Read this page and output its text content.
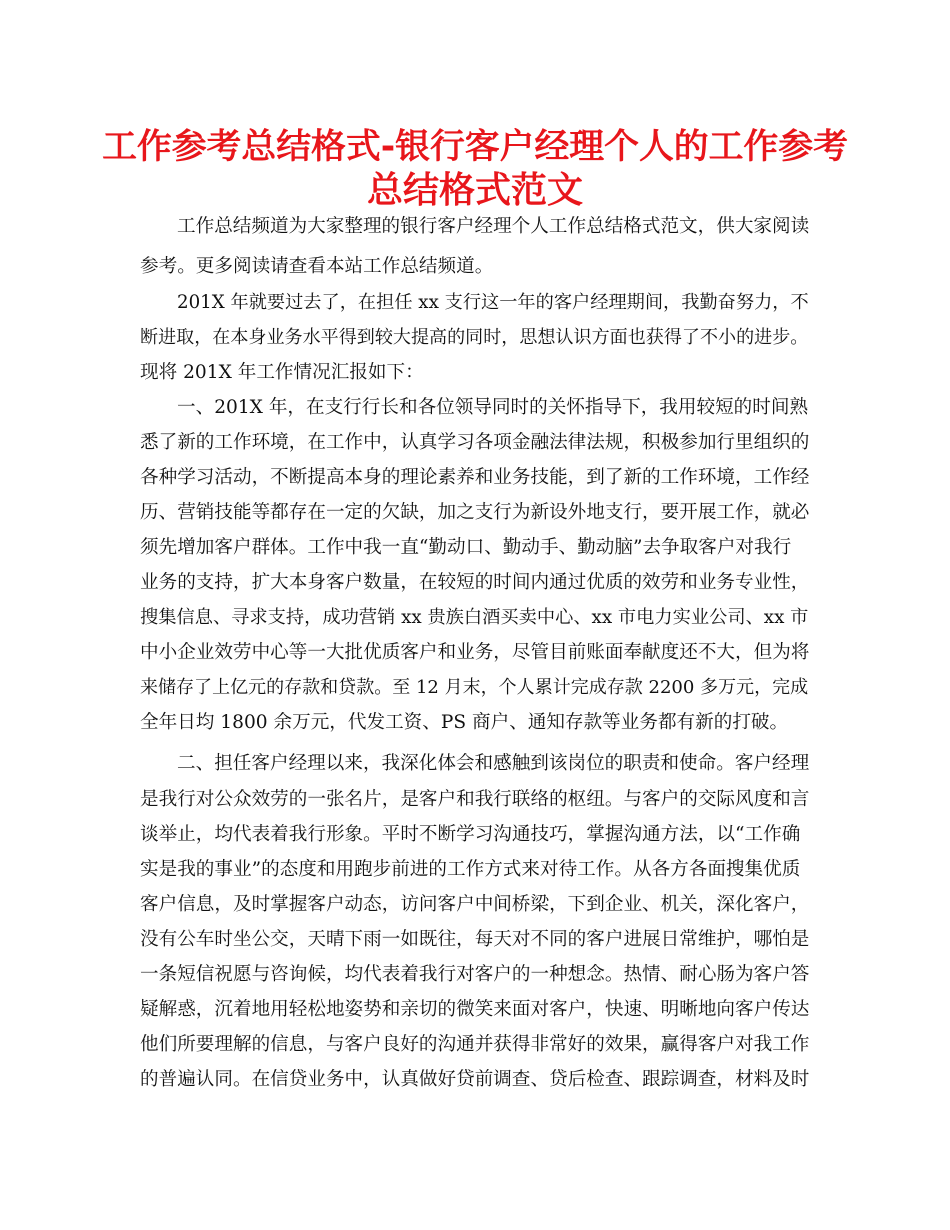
工作参考总结格式-银行客户经理个人的工作参考
总结格式范文
工作总结频道为大家整理的银行客户经理个人工作总结格式范文，供大家阅读
参考。更多阅读请查看本站工作总结频道。
201X 年就要过去了，在担任 xx 支行这一年的客户经理期间，我勤奋努力，不
断进取，在本身业务水平得到较大提高的同时，思想认识方面也获得了不小的进步。
现将 201X 年工作情况汇报如下：
一、201X 年，在支行行长和各位领导同时的关怀指导下，我用较短的时间熟
悉了新的工作环境，在工作中，认真学习各项金融法律法规，积极参加行里组织的
各种学习活动，不断提高本身的理论素养和业务技能，到了新的工作环境，工作经
历、营销技能等都存在一定的欠缺，加之支行为新设外地支行，要开展工作，就必
须先增加客户群体。工作中我一直“勤动口、勤动手、勤动脑”去争取客户对我行
业务的支持，扩大本身客户数量，在较短的时间内通过优质的效劳和业务专业性，
搜集信息、寻求支持，成功营销 xx 贵族白酒买卖中心、xx 市电力实业公司、xx 市
中小企业效劳中心等一大批优质客户和业务，尽管目前账面奉献度还不大，但为将
来储存了上亿元的存款和贷款。至 12 月末，个人累计完成存款 2200 多万元，完成
全年日均 1800 余万元，代发工资、PS 商户、通知存款等业务都有新的打破。
二、担任客户经理以来，我深化体会和感触到该岗位的职责和使命。客户经理
是我行对公众效劳的一张名片，是客户和我行联络的枢纽。与客户的交际风度和言
谈举止，均代表着我行形象。平时不断学习沟通技巧，掌握沟通方法，以“工作确
实是我的事业”的态度和用跑步前进的工作方式来对待工作。从各方各面搜集优质
客户信息，及时掌握客户动态，访问客户中间桥梁，下到企业、机关，深化客户，
没有公车时坐公交，天晴下雨一如既往，每天对不同的客户进展日常维护，哪怕是
一条短信祝愿与咨询候，均代表着我行对客户的一种想念。热情、耐心肠为客户答
疑解惑，沉着地用轻松地姿势和亲切的微笑来面对客户，快速、明晰地向客户传达
他们所要理解的信息，与客户良好的沟通并获得非常好的效果，赢得客户对我工作
的普遍认同。在信贷业务中，认真做好贷前调查、贷后检查、跟踪调查，材料及时
